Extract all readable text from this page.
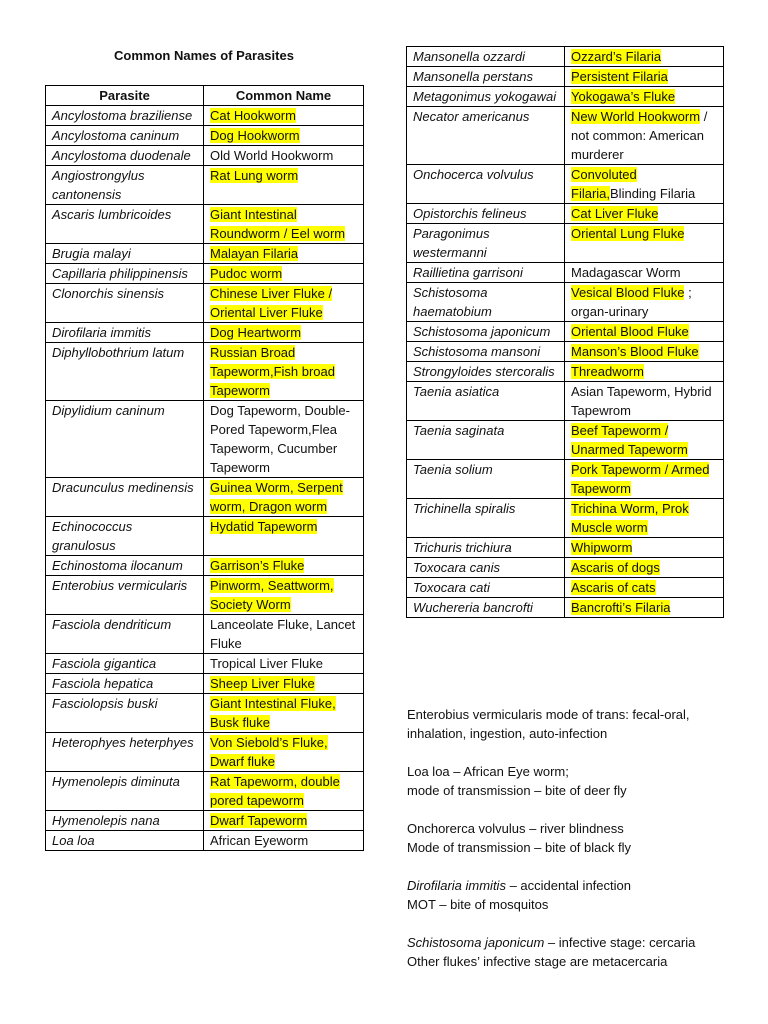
Common Names of Parasites
Parasite	Common Name
Ancylostoma braziliense	Cat Hookworm
Ancylostoma caninum	Dog Hookworm
Ancylostoma duodenale	Old World Hookworm
Angiostrongylus cantonensis	Rat Lung worm
Ascaris lumbricoides	Giant Intestinal Roundworm / Eel worm
Brugia malayi	Malayan Filaria
Capillaria philippinensis	Pudoc worm
Clonorchis sinensis	Chinese Liver Fluke / Oriental Liver Fluke
Dirofilaria immitis	Dog Heartworm
Diphyllobothrium latum	Russian Broad Tapeworm,Fish broad Tapeworm
Dipylidium caninum	Dog Tapeworm, Double-Pored Tapeworm,Flea Tapeworm, Cucumber Tapeworm
Dracunculus medinensis	Guinea Worm, Serpent worm, Dragon worm
Echinococcus granulosus	Hydatid Tapeworm
Echinostoma ilocanum	Garrison’s Fluke
Enterobius vermicularis	Pinworm, Seattworm, Society Worm
Fasciola dendriticum	Lanceolate Fluke, Lancet Fluke
Fasciola gigantica	Tropical Liver Fluke
Fasciola hepatica	Sheep Liver Fluke
Fasciolopsis buski	Giant Intestinal Fluke, Busk fluke
Heterophyes heterphyes	Von Siebold’s Fluke, Dwarf fluke
Hymenolepis diminuta	Rat Tapeworm, double pored tapeworm
Hymenolepis nana	Dwarf Tapeworm
Loa loa	African Eyeworm
Mansonella ozzardi	Ozzard’s Filaria
Mansonella perstans	Persistent Filaria
Metagonimus yokogawai	Yokogawa’s Fluke
Necator americanus	New World Hookworm / not common: American murderer
Onchocerca volvulus	Convoluted Filaria,Blinding Filaria
Opistorchis felineus	Cat Liver Fluke
Paragonimus westermanni	Oriental Lung Fluke
Raillietina garrisoni	Madagascar Worm
Schistosoma haematobium	Vesical Blood Fluke ; organ-urinary
Schistosoma japonicum	Oriental Blood Fluke
Schistosoma mansoni	Manson’s Blood Fluke
Strongyloides stercoralis	Threadworm
Taenia asiatica	Asian Tapeworm, Hybrid Tapewrom
Taenia saginata	Beef Tapeworm / Unarmed Tapeworm
Taenia solium	Pork Tapeworm / Armed Tapeworm
Trichinella spiralis	Trichina Worm, Prok Muscle worm
Trichuris trichiura	Whipworm
Toxocara canis	Ascaris of dogs
Toxocara cati	Ascaris of cats
Wuchereria bancrofti	Bancrofti’s Filaria
Enterobius vermicularis mode of trans: fecal-oral, inhalation, ingestion, auto-infection
Loa loa – African Eye worm;
mode of transmission – bite of deer fly
Onchorerca volvulus – river blindness
Mode of transmission – bite of black fly
Dirofilaria immitis – accidental infection
MOT – bite of mosquitos
Schistosoma japonicum – infective stage: cercaria
Other flukes’ infective stage are metacercaria
